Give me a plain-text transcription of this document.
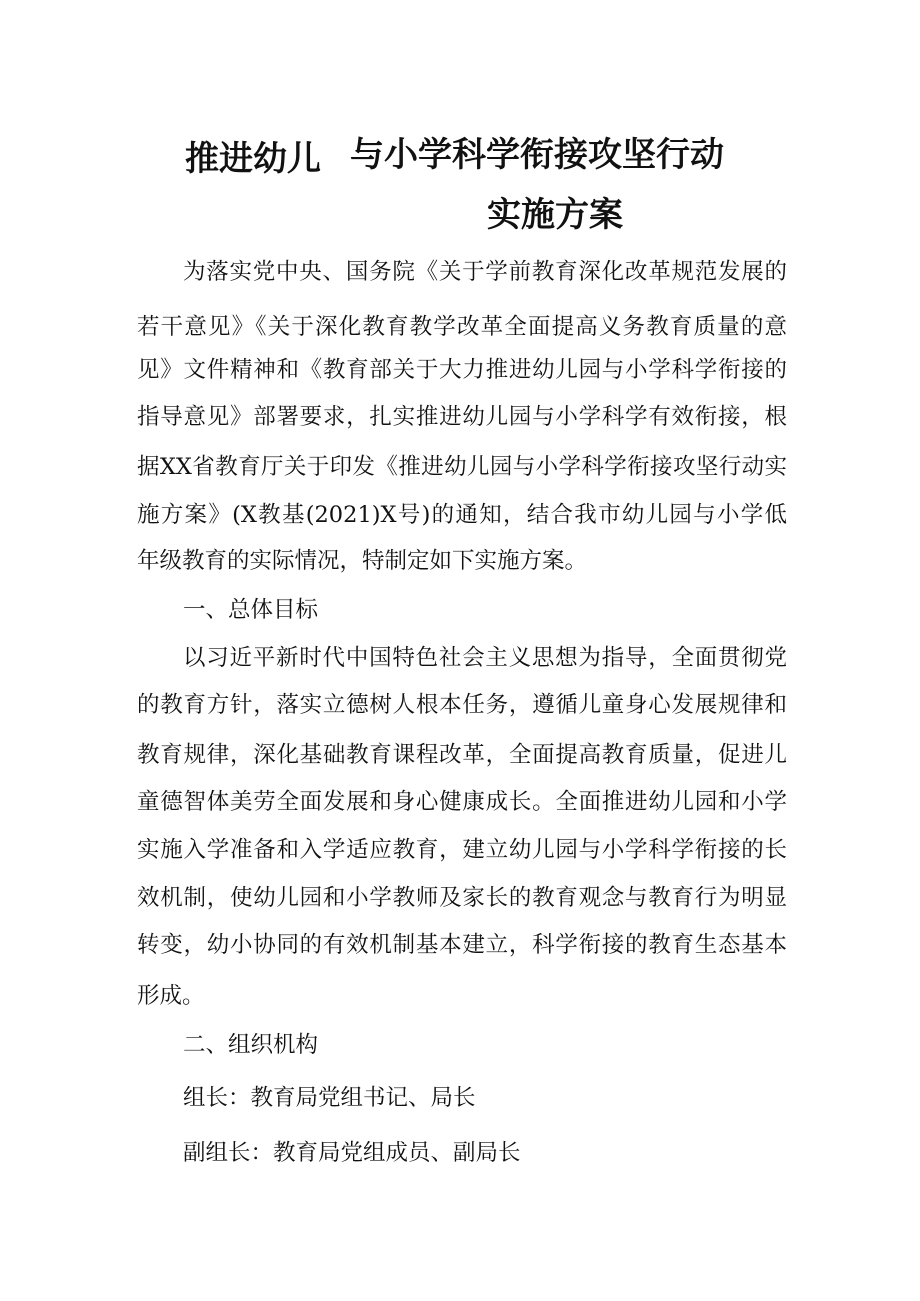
推进幼儿 与小学科学衔接攻坚行动
实施方案
为落实党中央、国务院《关于学前教育深化改革规范发展的
若干意见》《关于深化教育教学改革全面提高义务教育质量的意
见》文件精神和《教育部关于大力推进幼儿园与小学科学衔接的
指导意见》部署要求，扎实推进幼儿园与小学科学有效衔接，根
据XX省教育厅关于印发《推进幼儿园与小学科学衔接攻坚行动实
施方案》(X教基(2021)X号)的通知，结合我市幼儿园与小学低
年级教育的实际情况，特制定如下实施方案。
一、总体目标
以习近平新时代中国特色社会主义思想为指导，全面贯彻党
的教育方针，落实立德树人根本任务，遵循儿童身心发展规律和
教育规律，深化基础教育课程改革，全面提高教育质量，促进儿
童德智体美劳全面发展和身心健康成长。全面推进幼儿园和小学
实施入学准备和入学适应教育，建立幼儿园与小学科学衔接的长
效机制，使幼儿园和小学教师及家长的教育观念与教育行为明显
转变，幼小协同的有效机制基本建立，科学衔接的教育生态基本
形成。
二、组织机构
组长：教育局党组书记、局长
副组长：教育局党组成员、副局长
